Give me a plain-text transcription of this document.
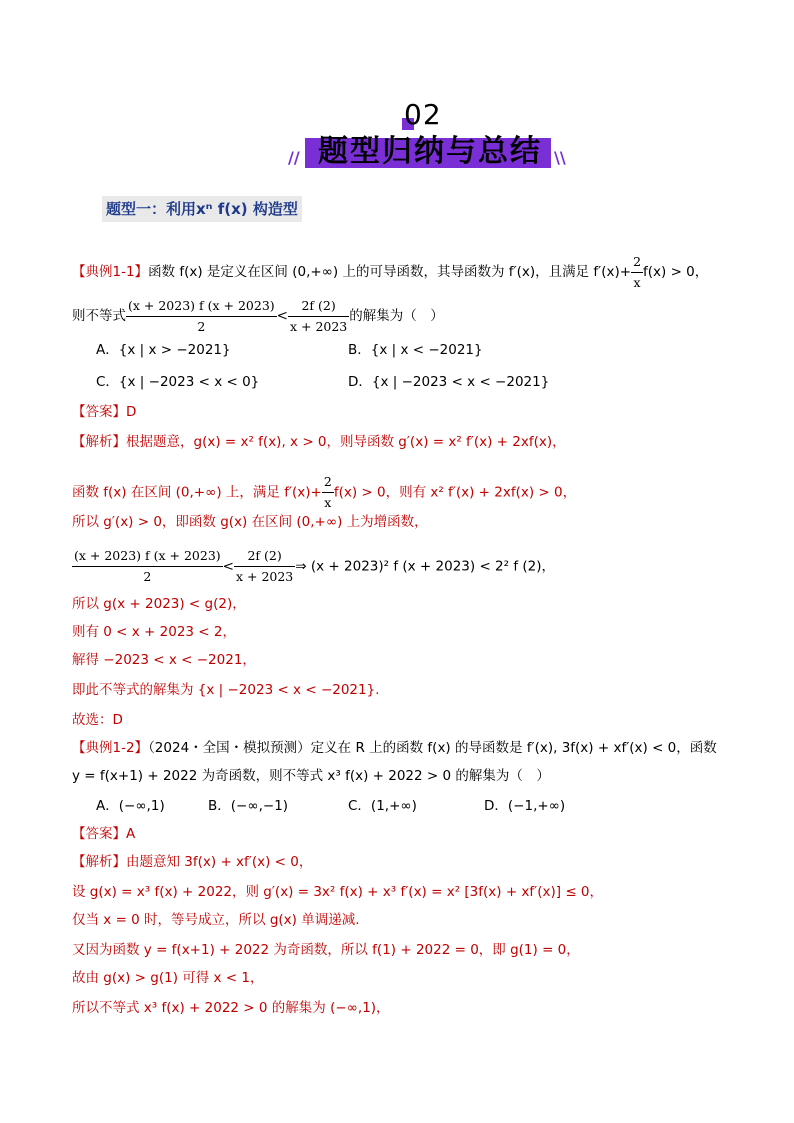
02
题型归纳与总结
//	\\
题型一：利用xⁿ f(x) 构造型
【典例1-1】函数 f(x) 是定义在区间 (0,+∞) 上的可导函数，其导函数为 f′(x)，且满足 $f'(x)+ \frac{2}{x} f(x) > 0$，
则不等式 $\frac{(x + 2023) f (x + 2023)}{2} < \frac{2f (2)}{x + 2023}$ 的解集为（　）
A．{x | x > −2021}	B．{x | x < −2021}
C．{x | −2023 < x < 0}	D．{x | −2023 < x < −2021}
【答案】D
【解析】根据题意，g(x) = x² f(x), x > 0，则导函数 g′(x) = x² f′(x) + 2xf(x)，
函数 f(x) 在区间 (0,+∞) 上，满足 $f'(x)+ \frac{2}{x} f(x) > 0$，则有 x² f′(x) + 2xf(x) > 0，
所以 g′(x) > 0，即函数 g(x) 在区间 (0,+∞) 上为增函数，
$\frac{(x + 2023) f (x + 2023)}{2} < \frac{2f (2)}{x + 2023}$ ⇒ (x + 2023)² f (x + 2023) < 2² f (2)，
所以 g(x + 2023) < g(2)，
则有 0 < x + 2023 < 2，
解得 −2023 < x < −2021，
即此不等式的解集为 {x | −2023 < x < −2021}.
故选：D
【典例1-2】（2024・全国・模拟预测）定义在 R 上的函数 f(x) 的导函数是 f′(x), 3f(x) + xf′(x) < 0，函数
y = f(x+1) + 2022 为奇函数，则不等式 x³ f(x) + 2022 > 0 的解集为（　）
A．(−∞,1)	B．(−∞,−1)	C．(1,+∞)	D．(−1,+∞)
【答案】A
【解析】由题意知 3f(x) + xf′(x) < 0，
设 g(x) = x³ f(x) + 2022，则 g′(x) = 3x² f(x) + x³ f′(x) = x² [3f(x) + xf′(x)] ≤ 0，
仅当 x = 0 时，等号成立，所以 g(x) 单调递减.
又因为函数 y = f(x+1) + 2022 为奇函数，所以 f(1) + 2022 = 0，即 g(1) = 0，
故由 g(x) > g(1) 可得 x < 1，
所以不等式 x³ f(x) + 2022 > 0 的解集为 (−∞,1)，
